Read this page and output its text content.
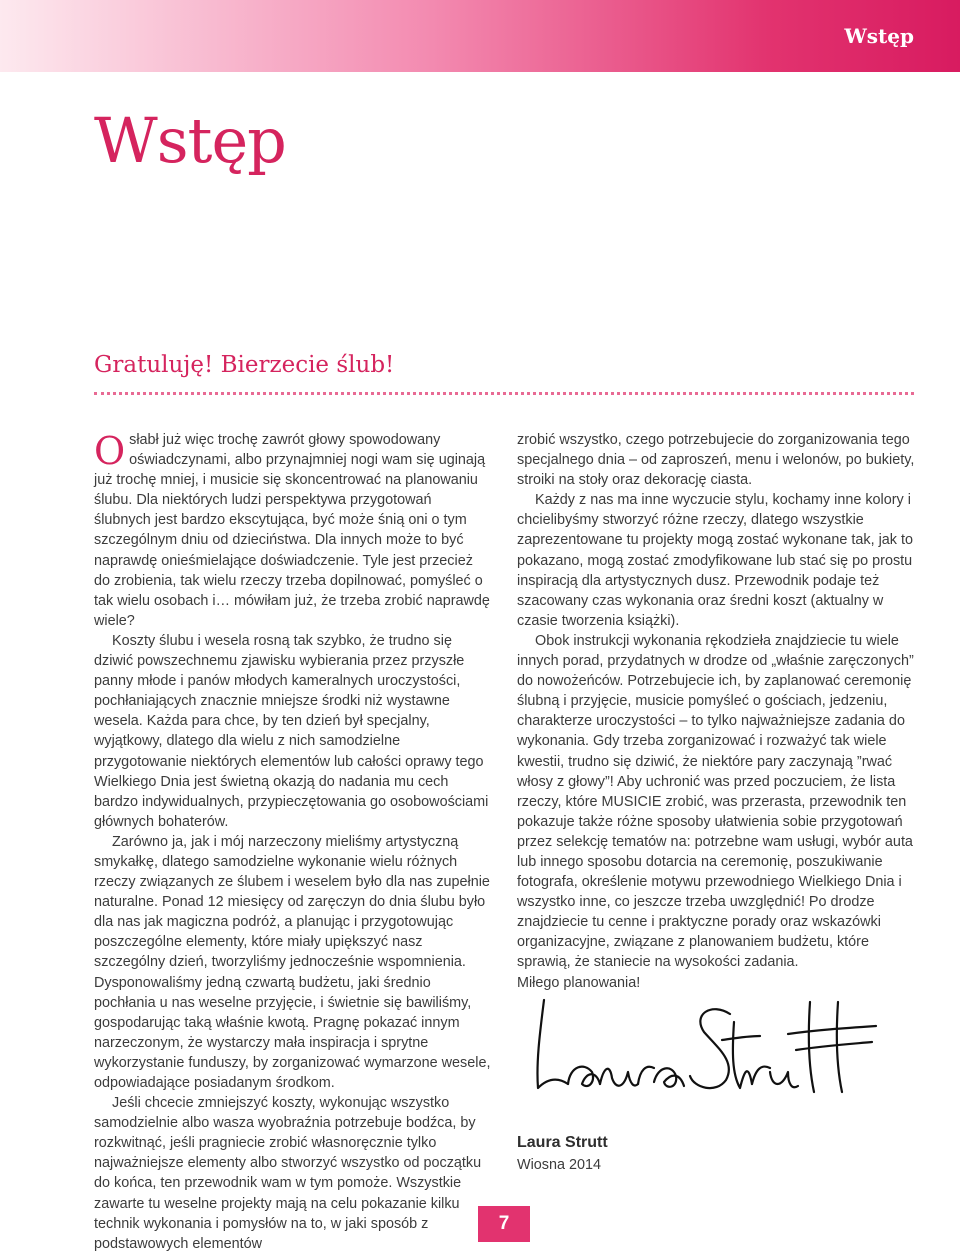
Wstęp
Wstęp
Gratuluję! Bierzecie ślub!

Osłabł już więc trochę zawrót głowy spowodowany oświadczynami, albo przynajmniej nogi wam się uginają już trochę mniej, i musicie się skoncentrować na planowaniu ślubu. Dla niektórych ludzi perspektywa przygotowań ślubnych jest bardzo ekscytująca, być może śnią oni o tym szczególnym dniu od dzieciństwa. Dla innych może to być naprawdę onieśmielające doświadczenie. Tyle jest przecież do zrobienia, tak wielu rzeczy trzeba dopilnować, pomyśleć o tak wielu osobach i… mówiłam już, że trzeba zrobić naprawdę wiele?

Koszty ślubu i wesela rosną tak szybko, że trudno się dziwić powszechnemu zjawisku wybierania przez przyszłe panny młode i panów młodych kameralnych uroczystości, pochłaniających znacznie mniejsze środki niż wystawne wesela. Każda para chce, by ten dzień był specjalny, wyjątkowy, dlatego dla wielu z nich samodzielne przygotowanie niektórych elementów lub całości oprawy tego Wielkiego Dnia jest świetną okazją do nadania mu cech bardzo indywidualnych, przypieczętowania go osobowościami głównych bohaterów.

Zarówno ja, jak i mój narzeczony mieliśmy artystyczną smykałkę, dlatego samodzielne wykonanie wielu różnych rzeczy związanych ze ślubem i weselem było dla nas zupełnie naturalne. Ponad 12 miesięcy od zaręczyn do dnia ślubu było dla nas jak magiczna podróż, a planując i przygotowując poszczególne elementy, które miały upiększyć nasz szczególny dzień, tworzyliśmy jednocześnie wspomnienia. Dysponowaliśmy jedną czwartą budżetu, jaki średnio pochłania u nas weselne przyjęcie, i świetnie się bawiliśmy, gospodarując taką właśnie kwotą. Pragnę pokazać innym narzeczonym, że wystarczy mała inspiracja i sprytne wykorzystanie funduszy, by zorganizować wymarzone wesele, odpowiadające posiadanym środkom.

Jeśli chcecie zmniejszyć koszty, wykonując wszystko samodzielnie albo wasza wyobraźnia potrzebuje bodźca, by rozkwitnąć, jeśli pragniecie zrobić własnoręcznie tylko najważniejsze elementy albo stworzyć wszystko od początku do końca, ten przewodnik wam w tym pomoże. Wszystkie zawarte tu weselne projekty mają na celu pokazanie kilku technik wykonania i pomysłów na to, w jaki sposób z podstawowych elementów

zrobić wszystko, czego potrzebujecie do zorganizowania tego specjalnego dnia – od zaproszeń, menu i welonów, po bukiety, stroiki na stoły oraz dekorację ciasta.

Każdy z nas ma inne wyczucie stylu, kochamy inne kolory i chcielibyśmy stworzyć różne rzeczy, dlatego wszystkie zaprezentowane tu projekty mogą zostać wykonane tak, jak to pokazano, mogą zostać zmodyfikowane lub stać się po prostu inspiracją dla artystycznych dusz. Przewodnik podaje też szacowany czas wykonania oraz średni koszt (aktualny w czasie tworzenia książki).

Obok instrukcji wykonania rękodzieła znajdziecie tu wiele innych porad, przydatnych w drodze od „właśnie zaręczonych” do nowożeńców. Potrzebujecie ich, by zaplanować ceremonię ślubną i przyjęcie, musicie pomyśleć o gościach, jedzeniu, charakterze uroczystości – to tylko najważniejsze zadania do wykonania. Gdy trzeba zorganizować i rozważyć tak wiele kwestii, trudno się dziwić, że niektóre pary zaczynają ”rwać włosy z głowy”! Aby uchronić was przed poczuciem, że lista rzeczy, które MUSICIE zrobić, was przerasta, przewodnik ten pokazuje także różne sposoby ułatwienia sobie przygotowań przez selekcję tematów na: potrzebne wam usługi, wybór auta lub innego sposobu dotarcia na ceremonię, poszukiwanie fotografa, określenie motywu przewodniego Wielkiego Dnia i wszystko inne, co jeszcze trzeba uwzględnić! Po drodze znajdziecie tu cenne i praktyczne porady oraz wskazówki organizacyjne, związane z planowaniem budżetu, które sprawią, że staniecie na wysokości zadania.

Miłego planowania!

Laura Strutt
Wiosna 2014
7
